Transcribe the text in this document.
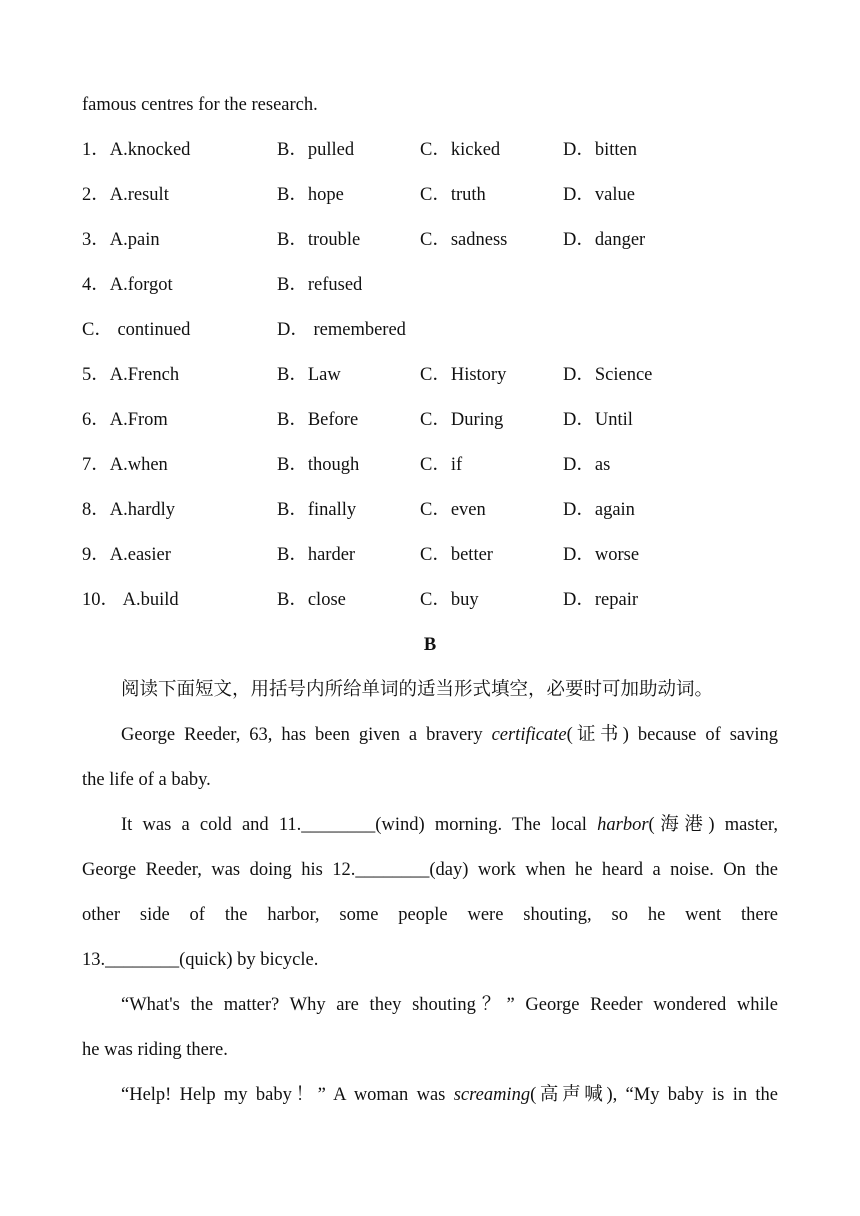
famous centres for the research.
1．A.knocked	B．pulled	C．kicked	D．bitten
2．A.result	B．hope	C．truth	D．value
3．A.pain	B．trouble	C．sadness	D．danger
4．A.forgot	B．refused
C． continued	D． remembered
5．A.French	B．Law	C．History	D．Science
6．A.From	B．Before	C．During	D．Until
7．A.when	B．though	C．if	D．as
8．A.hardly	B．finally	C．even	D．again
9．A.easier	B．harder	C．better	D．worse
10． A.build	B．close	C．buy	D．repair
B
阅读下面短文，用括号内所给单词的适当形式填空，必要时可加助动词。
George Reeder, 63, has been given a bravery certificate(证书) because of saving
the life of a baby.
It was a cold and 11.________(wind) morning. The local harbor(海港) master,
George Reeder, was doing his 12.________(day) work when he heard a noise. On the
other side of the harbor, some people were shouting, so he went there
13.________(quick) by bicycle.
“What's the matter? Why are they shouting？” George Reeder wondered while
he was riding there.
“Help! Help my baby！” A woman was screaming(高声喊), “My baby is in the
